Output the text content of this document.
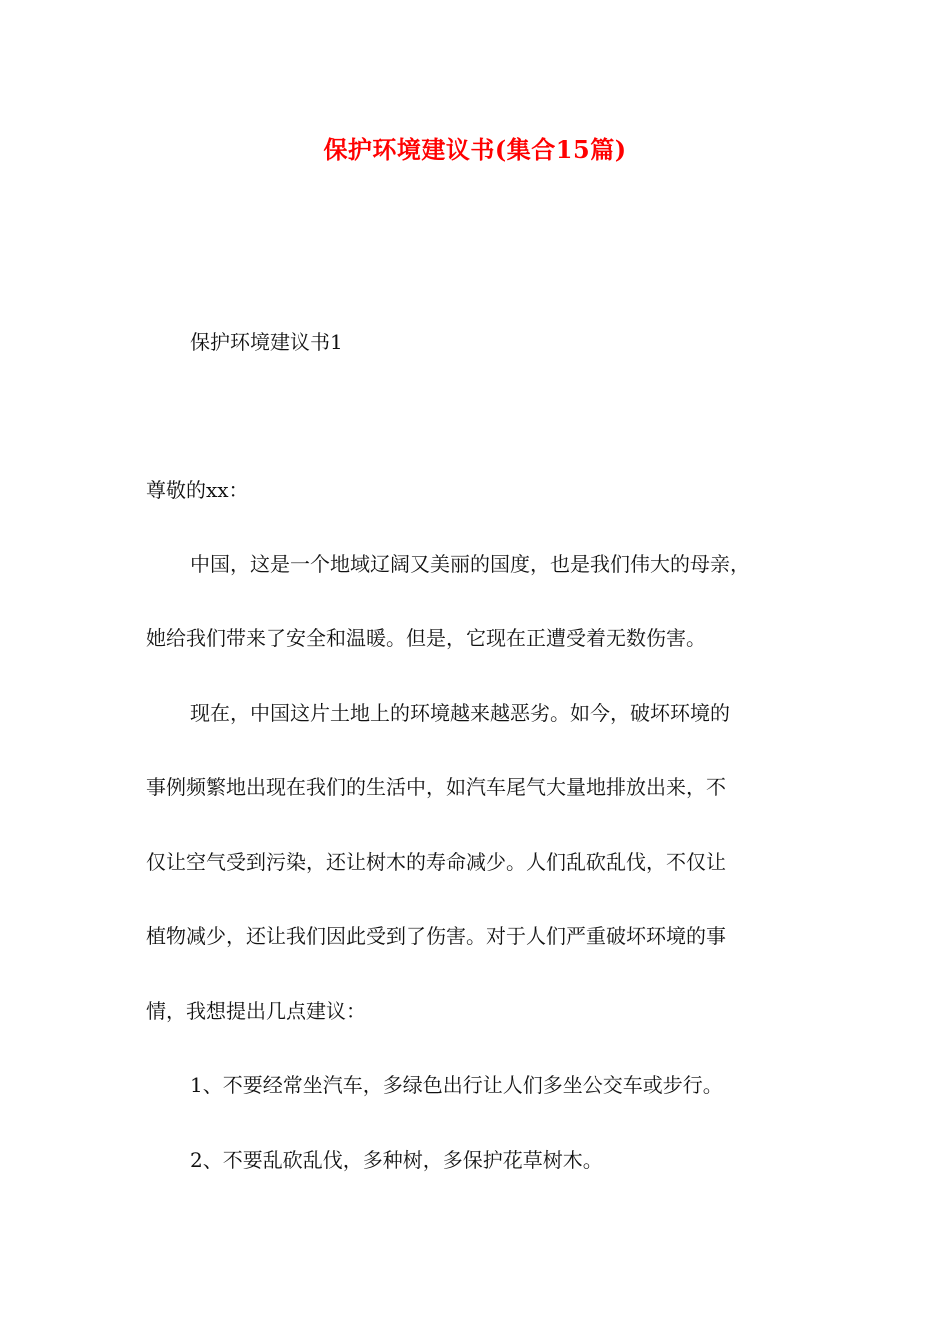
保护环境建议书(集合15篇)
保护环境建议书1
尊敬的xx：
中国，这是一个地域辽阔又美丽的国度，也是我们伟大的母亲，
她给我们带来了安全和温暖。但是，它现在正遭受着无数伤害。
现在，中国这片土地上的环境越来越恶劣。如今，破坏环境的
事例频繁地出现在我们的生活中，如汽车尾气大量地排放出来，不
仅让空气受到污染，还让树木的寿命减少。人们乱砍乱伐，不仅让
植物减少，还让我们因此受到了伤害。对于人们严重破坏环境的事
情，我想提出几点建议：
1、不要经常坐汽车，多绿色出行让人们多坐公交车或步行。
2、不要乱砍乱伐，多种树，多保护花草树木。
